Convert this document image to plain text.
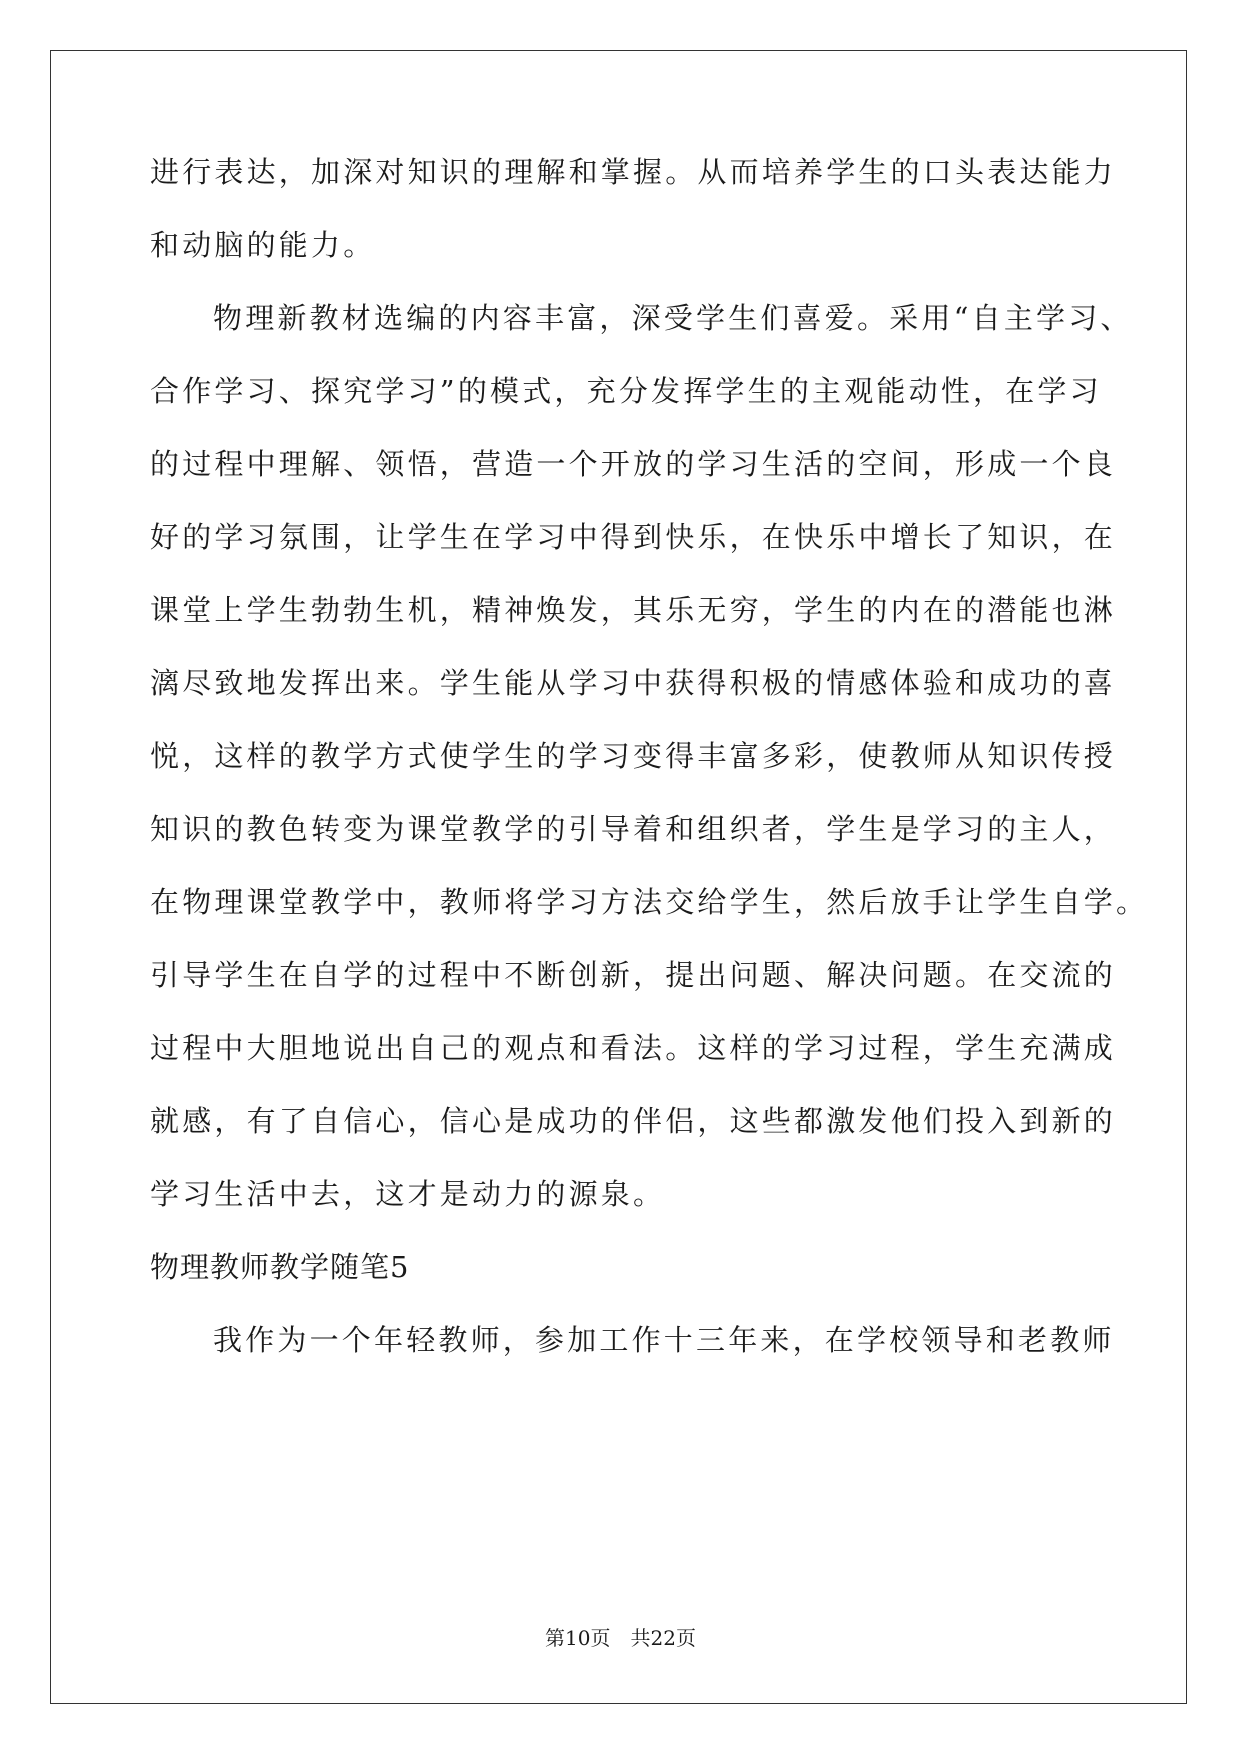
进行表达，加深对知识的理解和掌握。从而培养学生的口头表达能力
和动脑的能力。
物理新教材选编的内容丰富，深受学生们喜爱。采用“自主学习、
合作学习、探究学习”的模式，充分发挥学生的主观能动性，在学习
的过程中理解、领悟，营造一个开放的学习生活的空间，形成一个良
好的学习氛围，让学生在学习中得到快乐，在快乐中增长了知识，在
课堂上学生勃勃生机，精神焕发，其乐无穷，学生的内在的潜能也淋
漓尽致地发挥出来。学生能从学习中获得积极的情感体验和成功的喜
悦，这样的教学方式使学生的学习变得丰富多彩，使教师从知识传授
知识的教色转变为课堂教学的引导着和组织者，学生是学习的主人，
在物理课堂教学中，教师将学习方法交给学生，然后放手让学生自学。
引导学生在自学的过程中不断创新，提出问题、解决问题。在交流的
过程中大胆地说出自己的观点和看法。这样的学习过程，学生充满成
就感，有了自信心，信心是成功的伴侣，这些都激发他们投入到新的
学习生活中去，这才是动力的源泉。
物理教师教学随笔5
我作为一个年轻教师，参加工作十三年来，在学校领导和老教师
第10页　共22页
